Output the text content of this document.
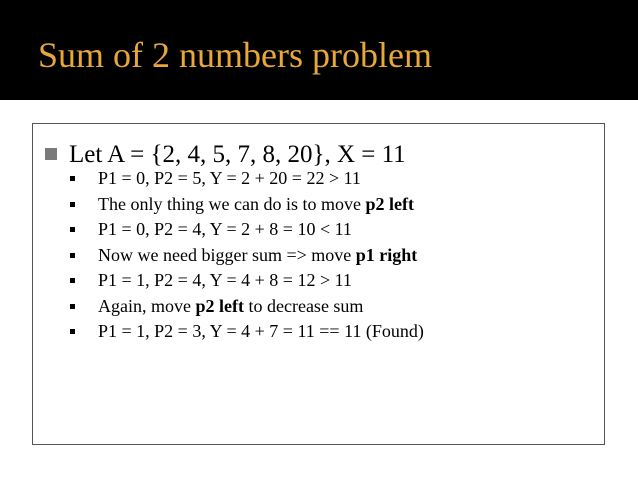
Sum of 2 numbers problem
Let A = {2, 4, 5, 7, 8, 20}, X = 11
P1 = 0, P2 = 5, Y = 2 + 20 = 22 > 11
The only thing we can do is to move p2 left
P1 = 0, P2 = 4, Y = 2 + 8 = 10 < 11
Now we need bigger sum => move p1 right
P1 = 1, P2 = 4, Y = 4 + 8 = 12 > 11
Again, move p2 left to decrease sum
P1 = 1, P2 = 3, Y = 4 + 7 = 11 == 11 (Found)
